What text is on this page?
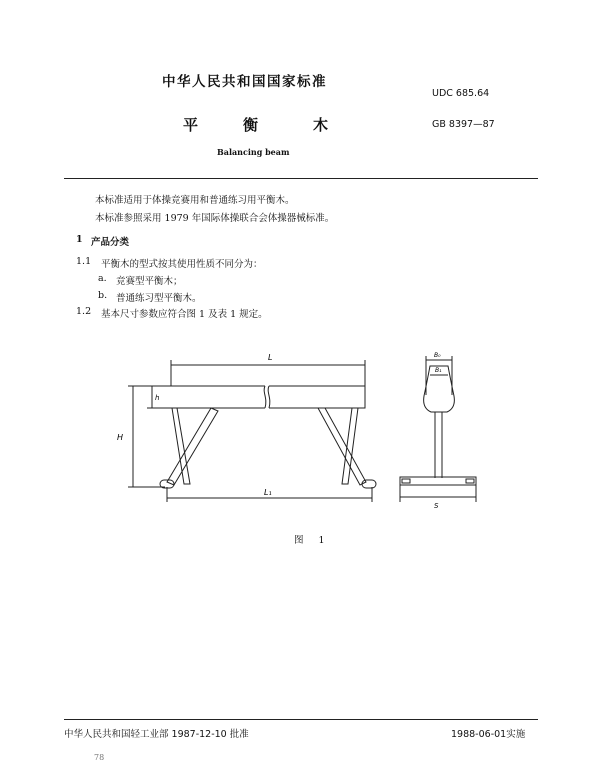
中华人民共和国国家标准
UDC 685.64
平	衡	木	GB 8397—87
Balancing beam
本标准适用于体操竞赛用和普通练习用平衡木。
本标准参照采用 1979 年国际体操联合会体操器械标准。
1 产品分类
1.1 平衡木的型式按其使用性质不同分为：
a. 竞赛型平衡木；
b. 普通练习型平衡木。
1.2 基本尺寸参数应符合图 1 及表 1 规定。
L
h
H
L₁
B₀
B₁
S
图 1
中华人民共和国轻工业部 1987-12-10 批准	1988-06-01实施
78
